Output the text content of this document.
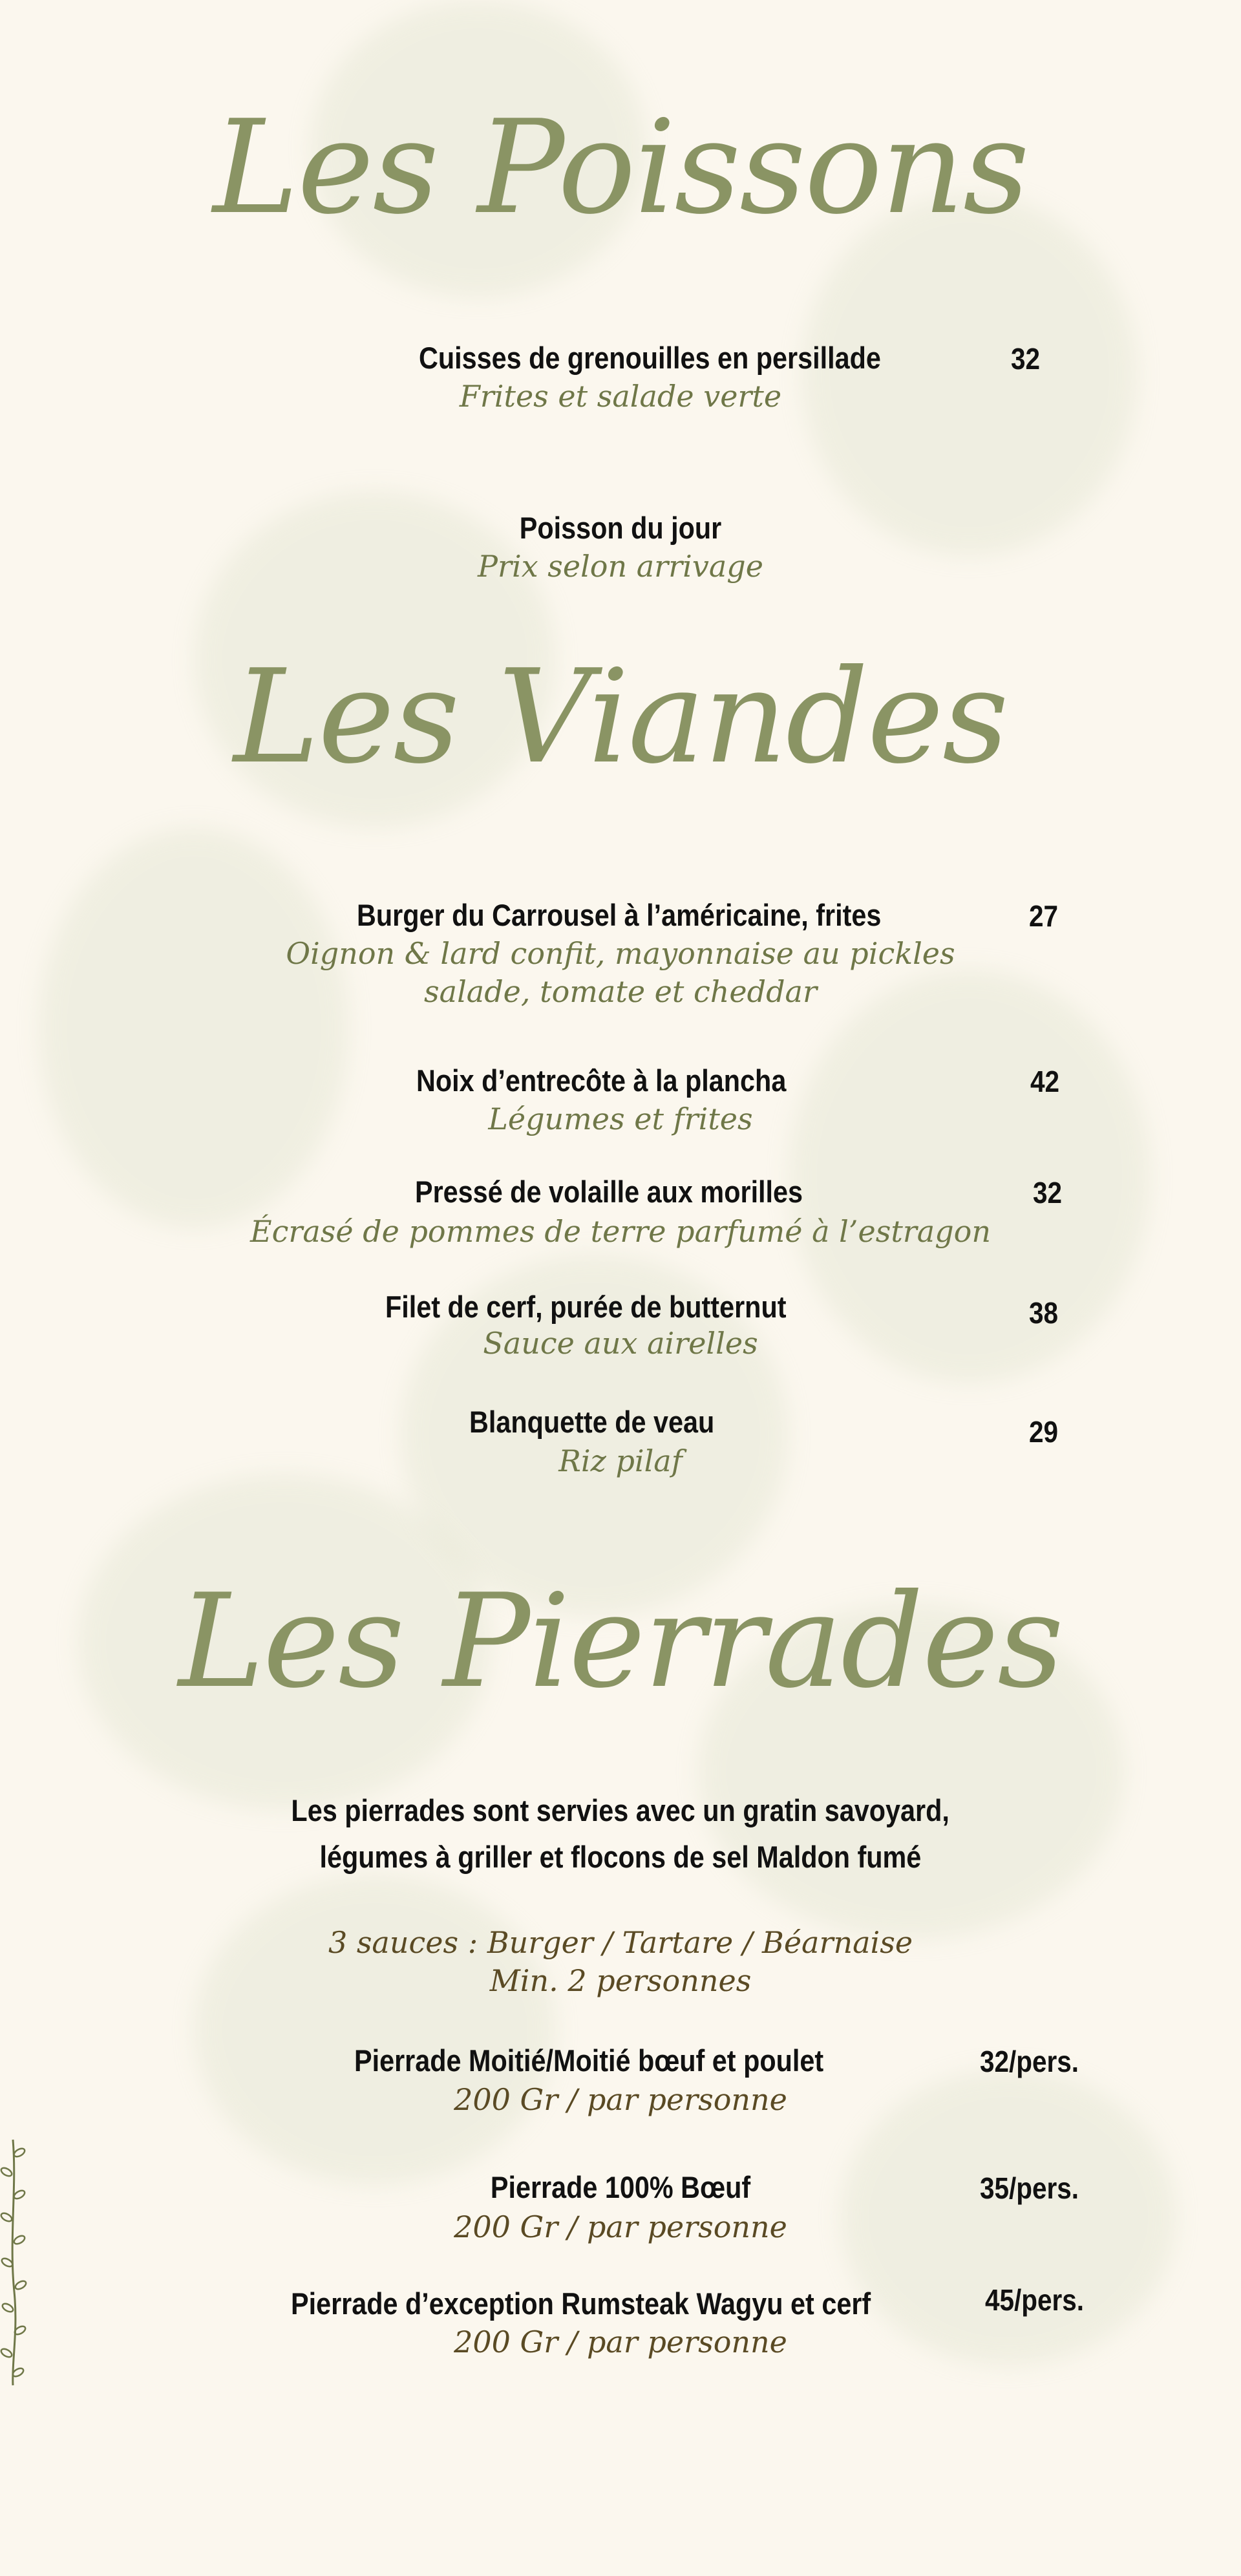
Les Poissons
Cuisses de grenouilles en persillade	32
Frites et salade verte
Poisson du jour
Prix selon arrivage
Les Viandes
Burger du Carrousel à l’américaine, frites	27
Oignon & lard confit, mayonnaise au pickles
salade, tomate et cheddar
Noix d’entrecôte à la plancha	42
Légumes et frites
Pressé de volaille aux morilles	32
Écrasé de pommes de terre parfumé à l’estragon
Filet de cerf, purée de butternut	38
Sauce aux airelles
Blanquette de veau	29
Riz pilaf
Les Pierrades
Les pierrades sont servies avec un gratin savoyard,
légumes à griller et flocons de sel Maldon fumé
3 sauces : Burger / Tartare / Béarnaise
Min. 2 personnes
Pierrade Moitié/Moitié bœuf et poulet	32/pers.
200 Gr / par personne
Pierrade 100% Bœuf	35/pers.
200 Gr / par personne
Pierrade d’exception Rumsteak Wagyu et cerf	45/pers.
200 Gr / par personne
